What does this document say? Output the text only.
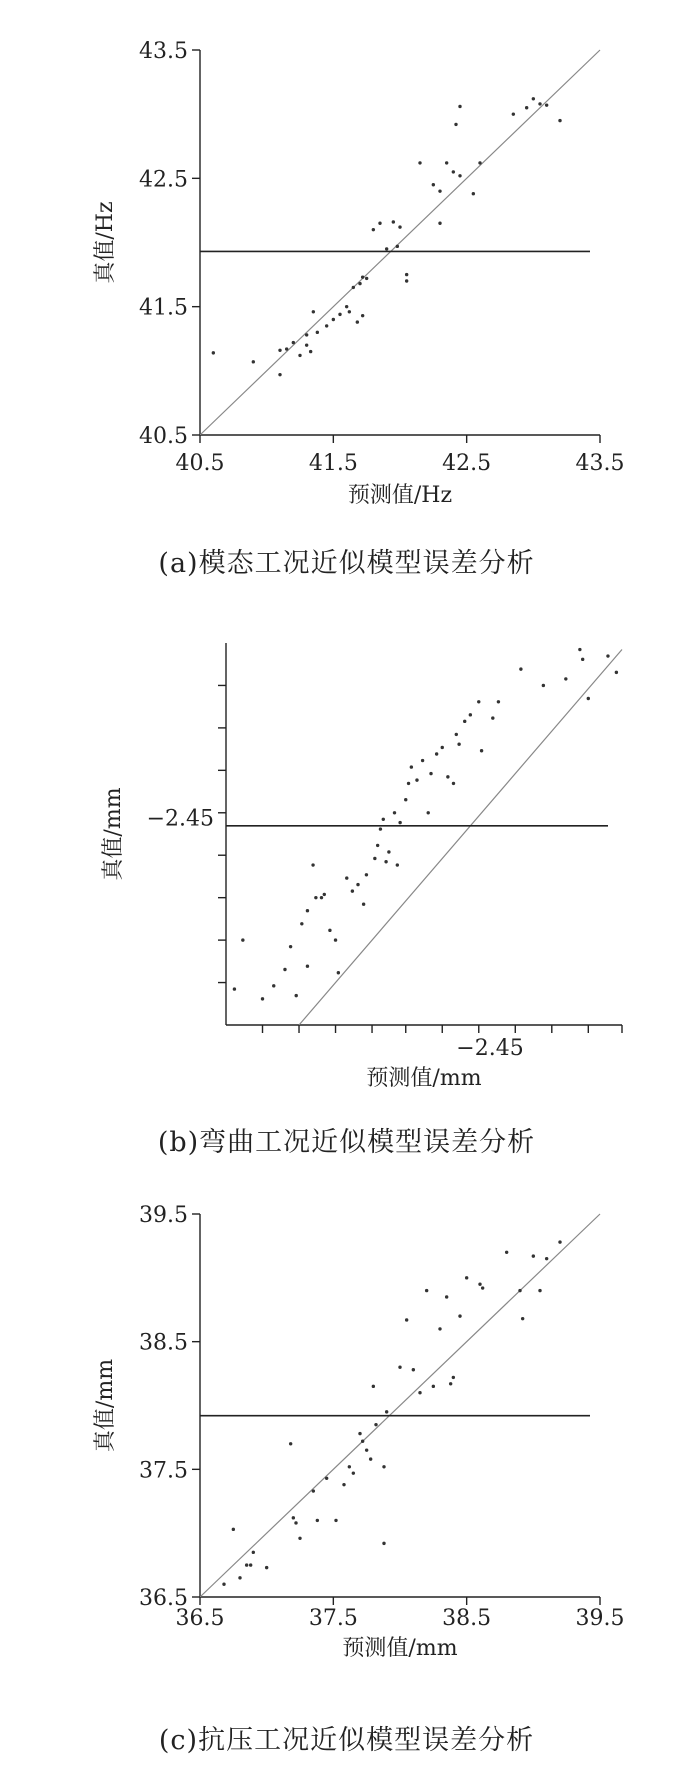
40.5	41.5	42.5	43.5
40.5
41.5
42.5
43.5
预测值/Hz
真值/Hz
(a)模态工况近似模型误差分析
−2.45
−2.45
预测值/mm
真值/mm
(b)弯曲工况近似模型误差分析
36.5	37.5	38.5	39.5
36.5
37.5
38.5
39.5
预测值/mm
真值/mm
(c)抗压工况近似模型误差分析
